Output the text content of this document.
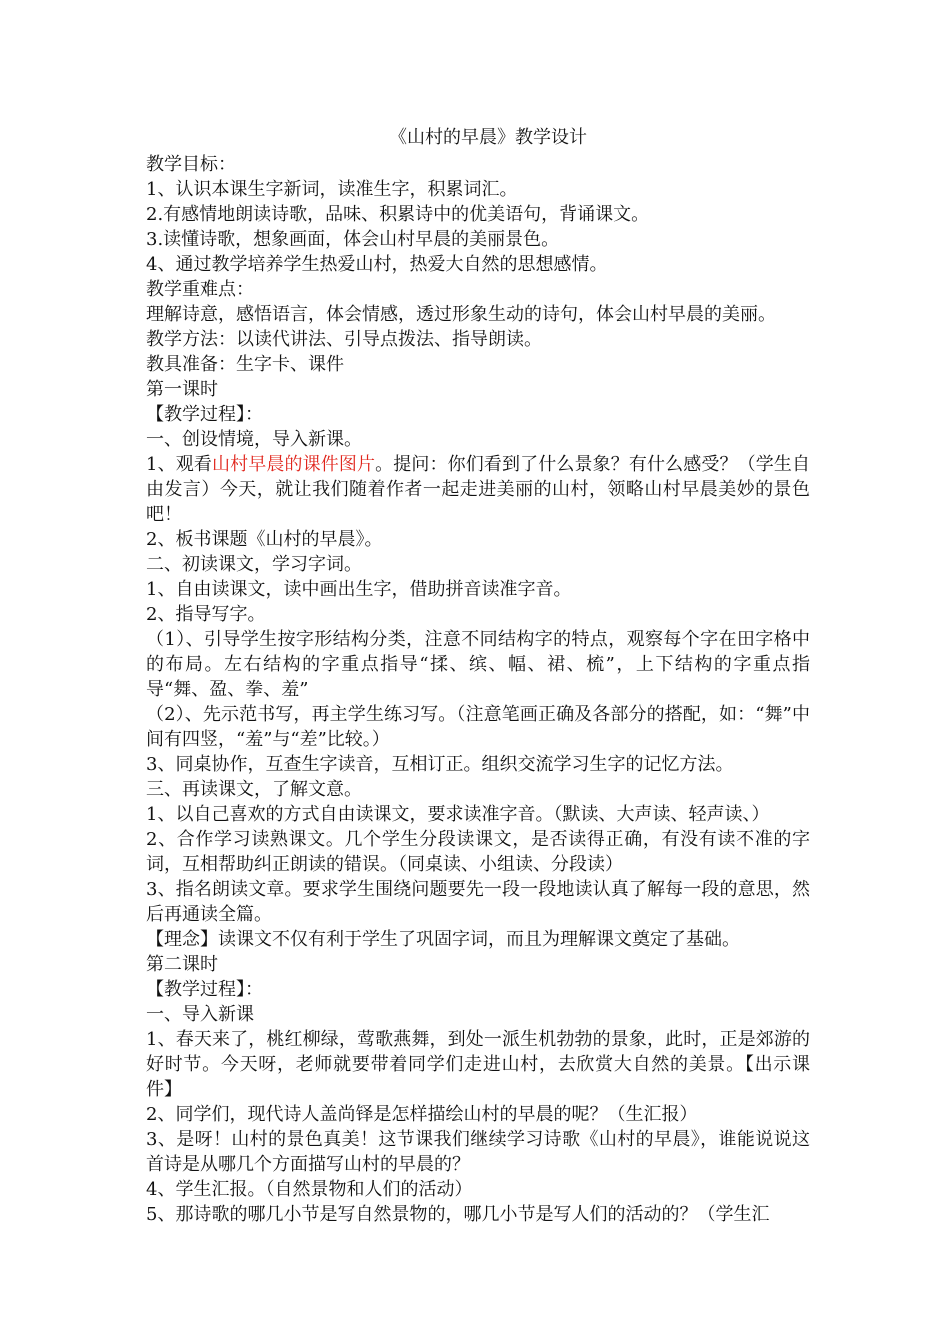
《山村的早晨》教学设计
教学目标：
1、认识本课生字新词，读准生字，积累词汇。
2.有感情地朗读诗歌，品味、积累诗中的优美语句，背诵课文。
3.读懂诗歌，想象画面，体会山村早晨的美丽景色。
4、通过教学培养学生热爱山村，热爱大自然的思想感情。
教学重难点：
理解诗意，感悟语言，体会情感，透过形象生动的诗句，体会山村早晨的美丽。
教学方法：以读代讲法、引导点拨法、指导朗读。
教具准备：生字卡、课件
第一课时
【教学过程】：
一、创设情境，导入新课。
1、观看山村早晨的课件图片。提问：你们看到了什么景象？有什么感受？（学生自由发言）今天，就让我们随着作者一起走进美丽的山村，领略山村早晨美妙的景色吧！
2、板书课题《山村的早晨》。
二、初读课文，学习字词。
1、自由读课文，读中画出生字，借助拼音读准字音。
2、指导写字。
（1）、引导学生按字形结构分类，注意不同结构字的特点，观察每个字在田字格中的布局。左右结构的字重点指导“揉、缤、幅、裙、梳”，上下结构的字重点指导“舞、盈、拳、羞”
（2）、先示范书写，再主学生练习写。（注意笔画正确及各部分的搭配，如：“舞”中间有四竖，“羞”与“差”比较。）
3、同桌协作，互查生字读音，互相订正。组织交流学习生字的记忆方法。
三、再读课文，了解文意。
1、以自己喜欢的方式自由读课文，要求读准字音。（默读、大声读、轻声读、）
2、合作学习读熟课文。几个学生分段读课文，是否读得正确，有没有读不准的字词，互相帮助纠正朗读的错误。（同桌读、小组读、分段读）
3、指名朗读文章。要求学生围绕问题要先一段一段地读认真了解每一段的意思，然后再通读全篇。
【理念】读课文不仅有利于学生了巩固字词，而且为理解课文奠定了基础。
第二课时
【教学过程】：
一、导入新课
1、春天来了，桃红柳绿，莺歌燕舞，到处一派生机勃勃的景象，此时，正是郊游的好时节。今天呀，老师就要带着同学们走进山村，去欣赏大自然的美景。【出示课件】
2、同学们，现代诗人盖尚铎是怎样描绘山村的早晨的呢？（生汇报）
3、是呀！山村的景色真美！这节课我们继续学习诗歌《山村的早晨》，谁能说说这首诗是从哪几个方面描写山村的早晨的？
4、学生汇报。（自然景物和人们的活动）
5、那诗歌的哪几小节是写自然景物的，哪几小节是写人们的活动的？（学生汇
